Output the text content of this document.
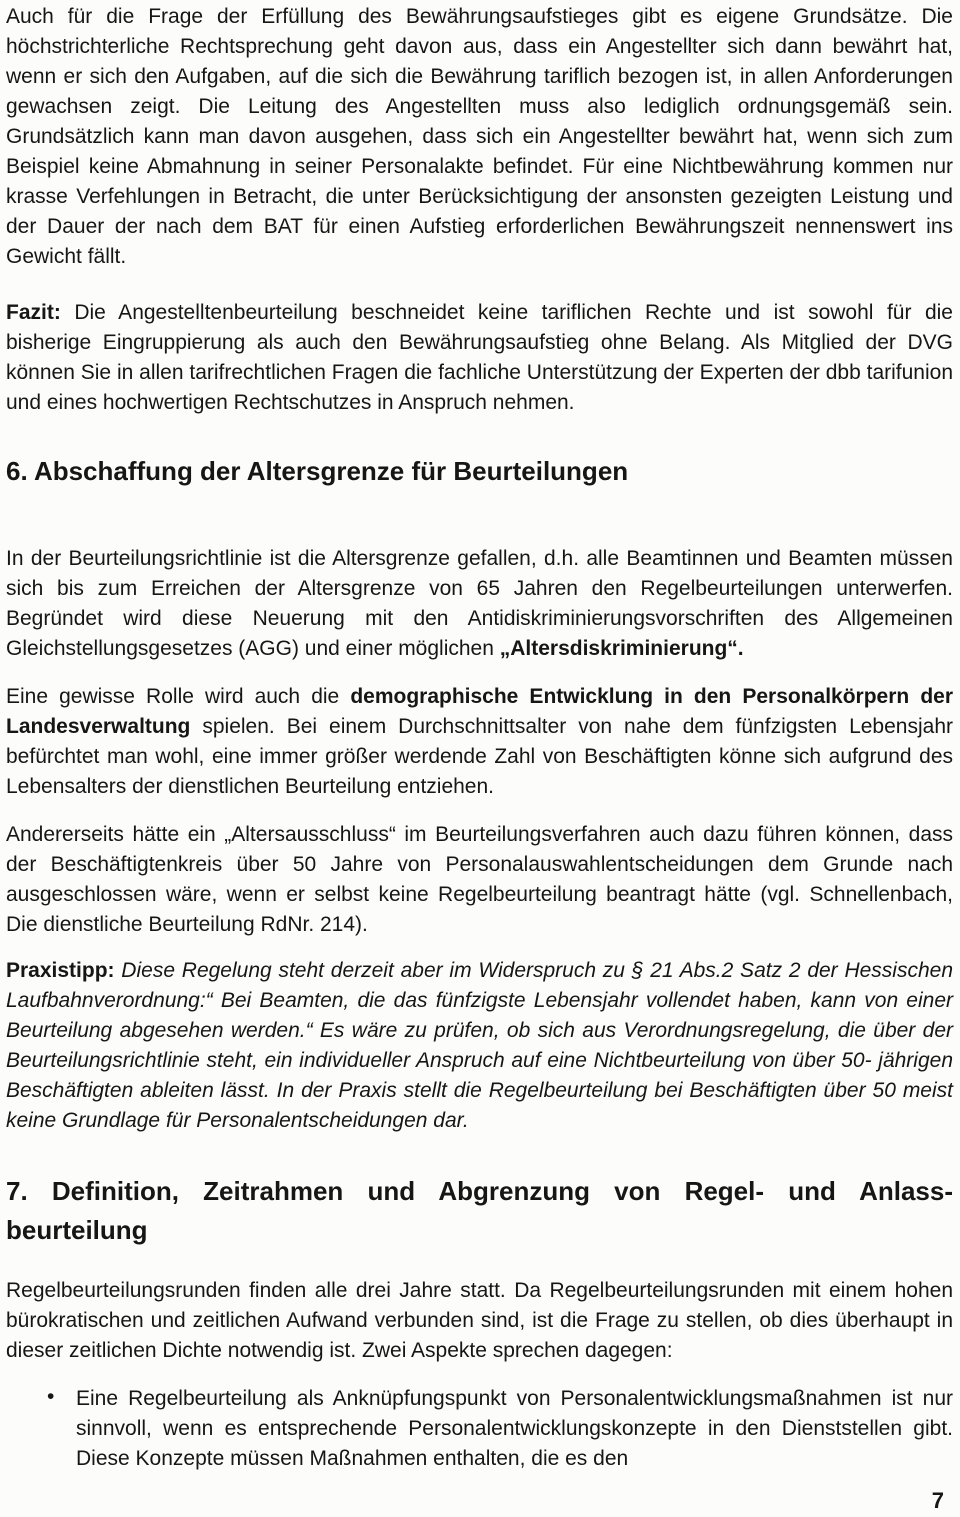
Auch für die Frage der Erfüllung des Bewährungsaufstieges gibt es eigene Grundsätze. Die höchstrichterliche Rechtsprechung geht davon aus, dass ein Angestellter sich dann bewährt hat, wenn er sich den Aufgaben, auf die sich die Bewährung tariflich bezogen ist, in allen Anforderungen gewachsen zeigt. Die Leitung des Angestellten muss also lediglich ordnungsgemäß sein. Grundsätzlich kann man davon ausgehen, dass sich ein Angestellter bewährt hat, wenn sich zum Beispiel keine Abmahnung in seiner Personalakte befindet. Für eine Nichtbewährung kommen nur krasse Verfehlungen in Betracht, die unter Berücksichtigung der ansonsten gezeigten Leistung und der Dauer der nach dem BAT für einen Aufstieg erforderlichen Bewährungszeit nennenswert ins Gewicht fällt.

Fazit: Die Angestelltenbeurteilung beschneidet keine tariflichen Rechte und ist sowohl für die bisherige Eingruppierung als auch den Bewährungsaufstieg ohne Belang. Als Mitglied der DVG können Sie in allen tarifrechtlichen Fragen die fachliche Unterstützung der Experten der dbb tarifunion und eines hochwertigen Rechtschutzes in Anspruch nehmen.

6. Abschaffung der Altersgrenze für Beurteilungen

In der Beurteilungsrichtlinie ist die Altersgrenze gefallen, d.h. alle Beamtinnen und Beamten müssen sich bis zum Erreichen der Altersgrenze von 65 Jahren den Regelbeurteilungen unterwerfen. Begründet wird diese Neuerung mit den Antidiskriminierungsvorschriften des Allgemeinen Gleichstellungsgesetzes (AGG) und einer möglichen „Altersdiskriminierung“.

Eine gewisse Rolle wird auch die demographische Entwicklung in den Personalkörpern der Landesverwaltung spielen. Bei einem Durchschnittsalter von nahe dem fünfzigsten Lebensjahr befürchtet man wohl, eine immer größer werdende Zahl von Beschäftigten könne sich aufgrund des Lebensalters der dienstlichen Beurteilung entziehen.

Andererseits hätte ein „Altersausschluss“ im Beurteilungsverfahren auch dazu führen können, dass der Beschäftigtenkreis über 50 Jahre von Personalauswahlentscheidungen dem Grunde nach ausgeschlossen wäre, wenn er selbst keine Regelbeurteilung beantragt hätte (vgl. Schnellenbach, Die dienstliche Beurteilung RdNr. 214).

Praxistipp: Diese Regelung steht derzeit aber im Widerspruch zu § 21 Abs.2 Satz 2 der Hessischen Laufbahnverordnung:“ Bei Beamten, die das fünfzigste Lebensjahr vollendet haben, kann von einer Beurteilung abgesehen werden.“ Es wäre zu prüfen, ob sich aus Verordnungsregelung, die über der Beurteilungsrichtlinie steht, ein individueller Anspruch auf eine Nichtbeurteilung von über 50- jährigen Beschäftigten ableiten lässt. In der Praxis stellt die Regelbeurteilung bei Beschäftigten über 50 meist keine Grundlage für Personalentscheidungen dar.

7. Definition, Zeitrahmen und Abgrenzung von Regel- und Anlass-
beurteilung

Regelbeurteilungsrunden finden alle drei Jahre statt. Da Regelbeurteilungsrunden mit einem hohen bürokratischen und zeitlichen Aufwand verbunden sind, ist die Frage zu stellen, ob dies überhaupt in dieser zeitlichen Dichte notwendig ist. Zwei Aspekte sprechen dagegen:

• Eine Regelbeurteilung als Anknüpfungspunkt von Personalentwicklungsmaßnahmen ist nur sinnvoll, wenn es entsprechende Personalentwicklungskonzepte in den Dienststellen gibt. Diese Konzepte müssen Maßnahmen enthalten, die es den
7
